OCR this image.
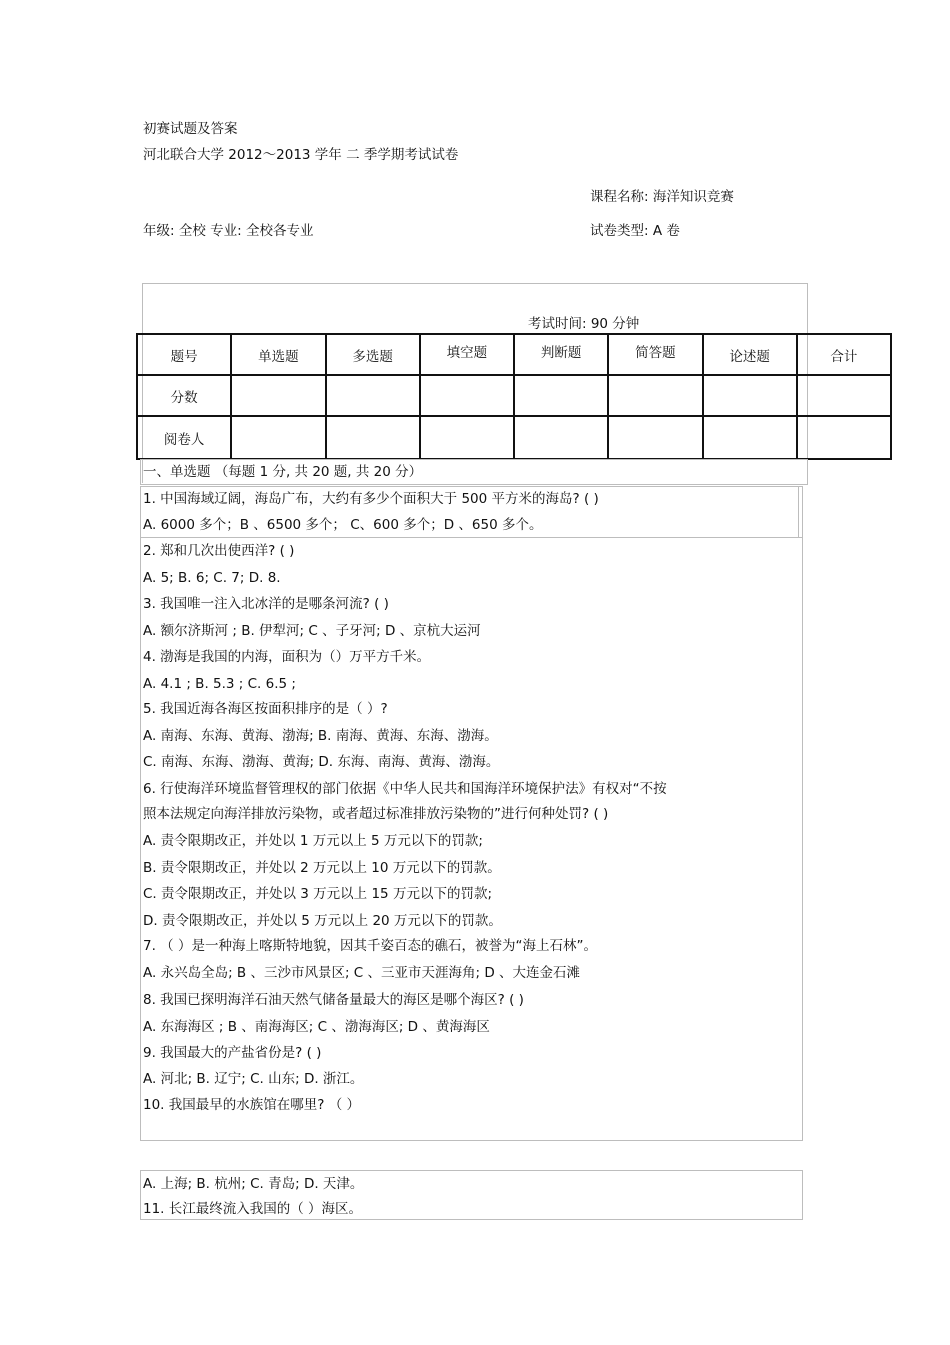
初赛试题及答案
河北联合大学 2012～2013 学年 二 季学期考试试卷
课程名称: 海洋知识竞赛
年级: 全校 专业: 全校各专业	试卷类型: A 卷
考试时间: 90 分钟
题号	单选题	多选题	填空题	判断题	简答题	论述题	合计
分数							
阅卷人							
一、单选题 （每题 1 分, 共 20 题, 共 20 分）
1. 中国海域辽阔，海岛广布，大约有多少个面积大于 500 平方米的海岛? ( )
A. 6000 多个；B 、6500 多个； C、600 多个；D 、650 多个。
2. 郑和几次出使西洋? ( )
A. 5; B. 6; C. 7; D. 8.
3. 我国唯一注入北冰洋的是哪条河流? ( )
A. 额尔济斯河 ; B. 伊犁河; C 、子牙河; D 、京杭大运河
4. 渤海是我国的内海，面积为（）万平方千米。
A. 4.1 ; B. 5.3 ; C. 6.5 ;
5. 我国近海各海区按面积排序的是（ ）?
A. 南海、东海、黄海、渤海; B. 南海、黄海、东海、渤海。
C. 南海、东海、渤海、黄海; D. 东海、南海、黄海、渤海。
6. 行使海洋环境监督管理权的部门依据《中华人民共和国海洋环境保护法》有权对“不按
照本法规定向海洋排放污染物，或者超过标准排放污染物的”进行何种处罚? ( )
A. 责令限期改正，并处以 1 万元以上 5 万元以下的罚款;
B. 责令限期改正，并处以 2 万元以上 10 万元以下的罚款。
C. 责令限期改正，并处以 3 万元以上 15 万元以下的罚款;
D. 责令限期改正，并处以 5 万元以上 20 万元以下的罚款。
7. （ ）是一种海上喀斯特地貌，因其千姿百态的礁石，被誉为“海上石林”。
A. 永兴岛全岛; B 、三沙市风景区; C 、三亚市天涯海角; D 、大连金石滩
8. 我国已探明海洋石油天然气储备量最大的海区是哪个海区? ( )
A. 东海海区 ; B 、南海海区; C 、渤海海区; D 、黄海海区
9. 我国最大的产盐省份是? ( )
A. 河北; B. 辽宁; C. 山东; D. 浙江。
10. 我国最早的水族馆在哪里? （ ）
A. 上海; B. 杭州; C. 青岛; D. 天津。
11. 长江最终流入我国的（ ）海区。
